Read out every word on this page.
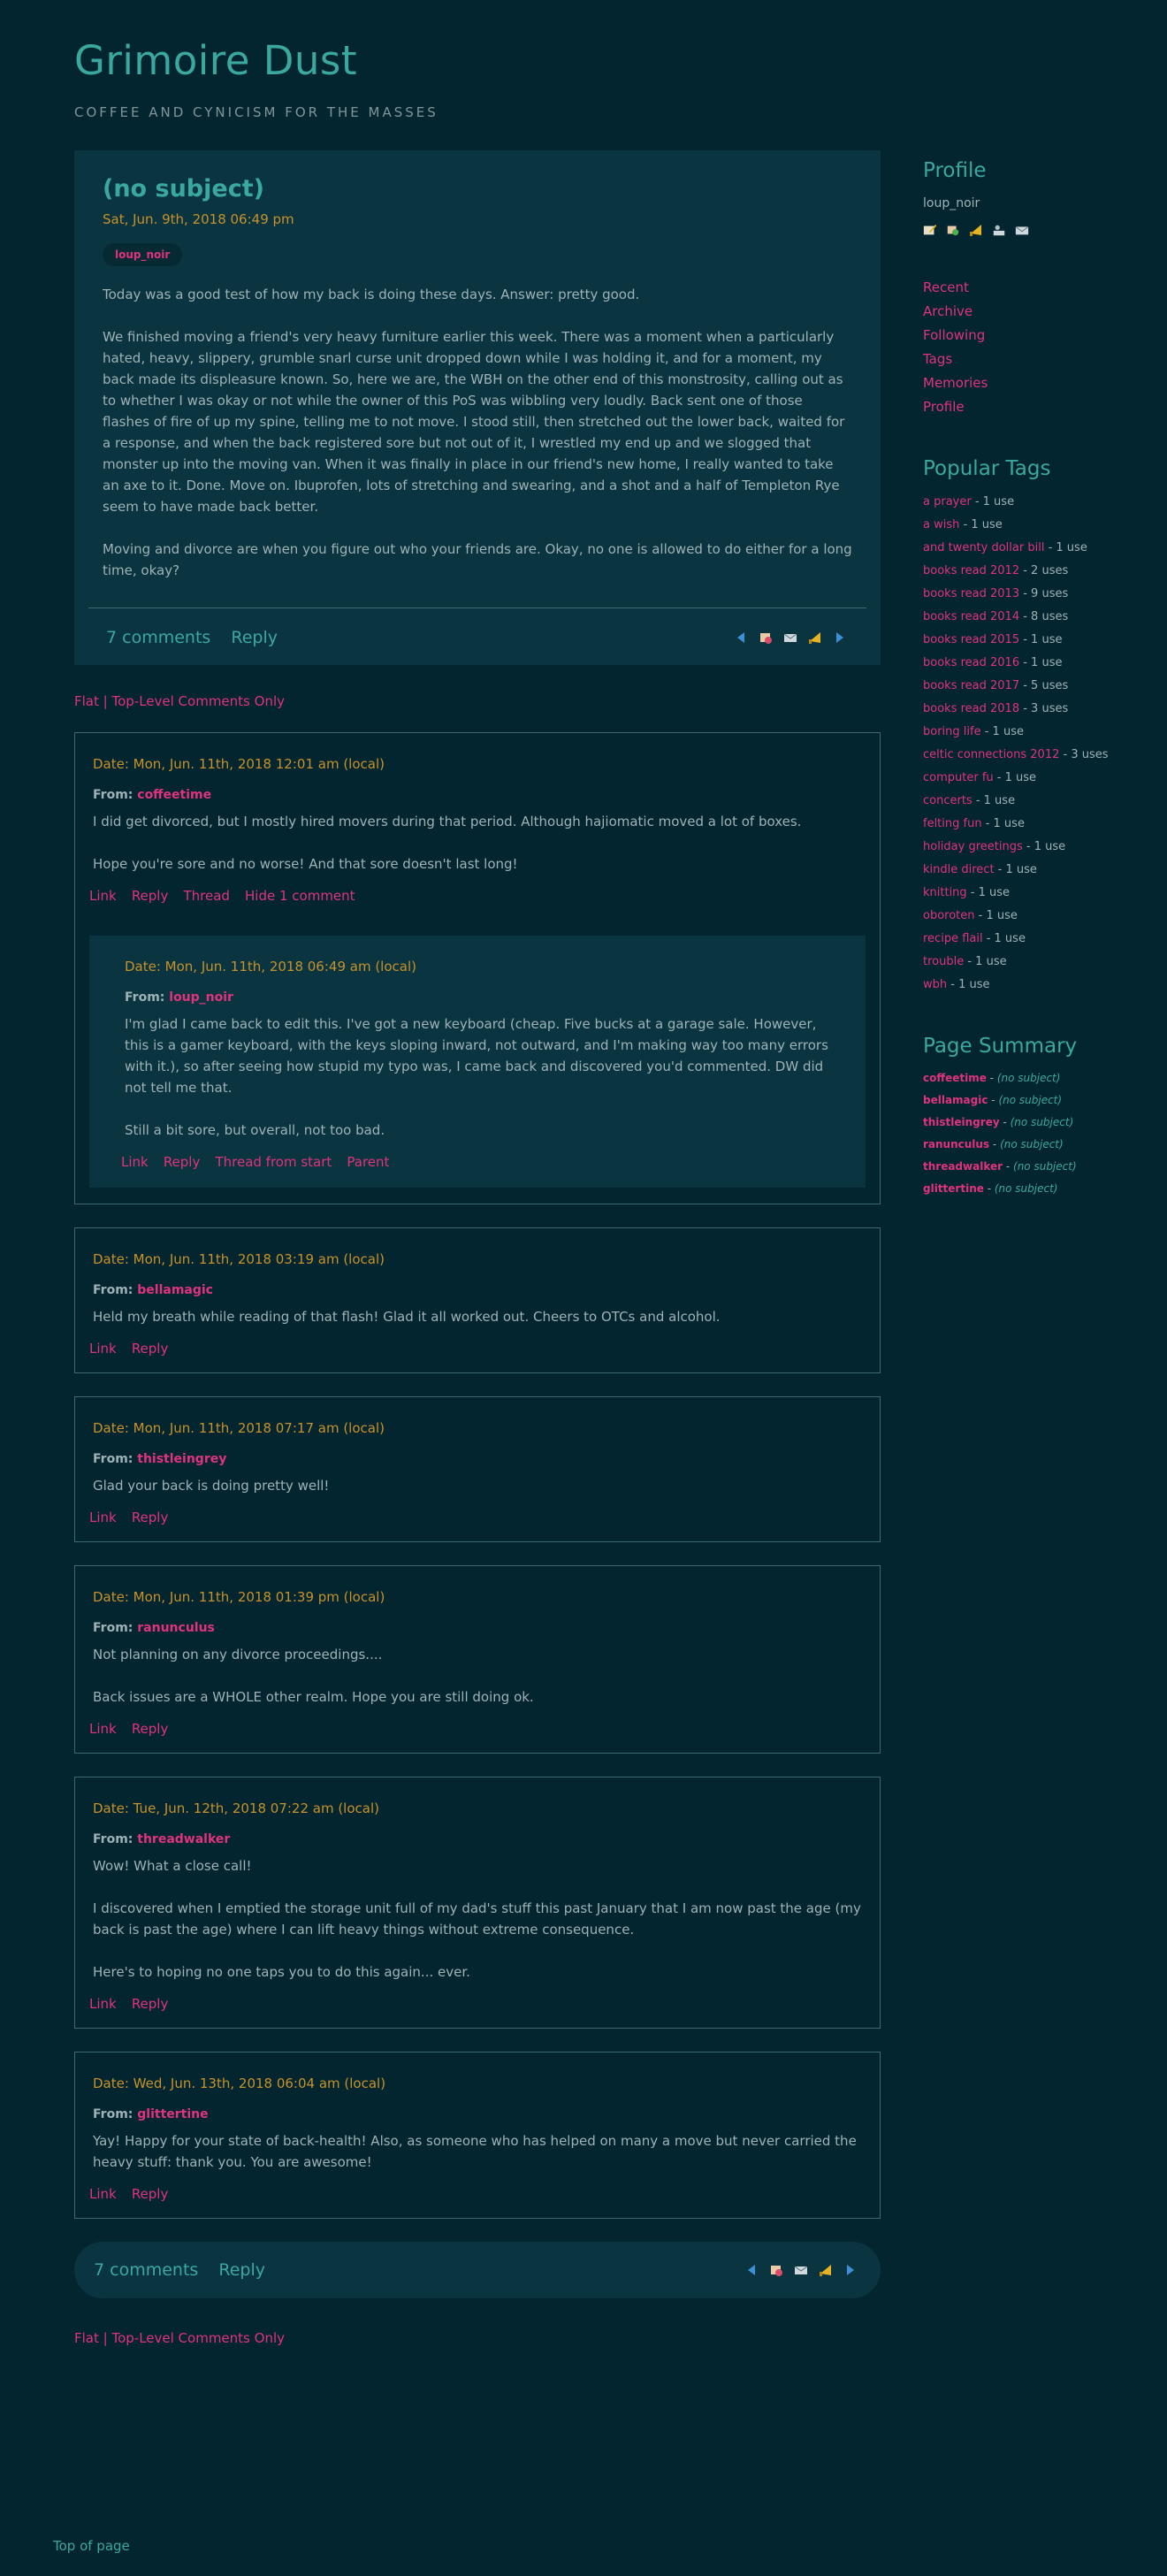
Grimoire Dust
COFFEE AND CYNICISM FOR THE MASSES
(no subject)
Sat, Jun. 9th, 2018 06:49 pm
loup_noir

Today was a good test of how my back is doing these days. Answer: pretty good.

We finished moving a friend's very heavy furniture earlier this week. There was a moment when a particularly hated, heavy, slippery, grumble snarl curse unit dropped down while I was holding it, and for a moment, my back made its displeasure known. So, here we are, the WBH on the other end of this monstrosity, calling out as to whether I was okay or not while the owner of this PoS was wibbling very loudly. Back sent one of those flashes of fire of up my spine, telling me to not move. I stood still, then stretched out the lower back, waited for a response, and when the back registered sore but not out of it, I wrestled my end up and we slogged that monster up into the moving van. When it was finally in place in our friend's new home, I really wanted to take an axe to it. Done. Move on. Ibuprofen, lots of stretching and swearing, and a shot and a half of Templeton Rye seem to have made back better.

Moving and divorce are when you figure out who your friends are. Okay, no one is allowed to do either for a long time, okay?

7 comments Reply
Flat | Top-Level Comments Only
Date: Mon, Jun. 11th, 2018 12:01 am (local)
From: coffeetime

I did get divorced, but I mostly hired movers during that period. Although hajiomatic moved a lot of boxes.

Hope you're sore and no worse! And that sore doesn't last long!

Link Reply Thread Hide 1 comment
Date: Mon, Jun. 11th, 2018 06:49 am (local)
From: loup_noir

I'm glad I came back to edit this. I've got a new keyboard (cheap. Five bucks at a garage sale. However, this is a gamer keyboard, with the keys sloping inward, not outward, and I'm making way too many errors with it.), so after seeing how stupid my typo was, I came back and discovered you'd commented. DW did not tell me that.

Still a bit sore, but overall, not too bad.

Link Reply Thread from start Parent
Date: Mon, Jun. 11th, 2018 03:19 am (local)
From: bellamagic

Held my breath while reading of that flash! Glad it all worked out. Cheers to OTCs and alcohol.

Link Reply
Date: Mon, Jun. 11th, 2018 07:17 am (local)
From: thistleingrey

Glad your back is doing pretty well!

Link Reply
Date: Mon, Jun. 11th, 2018 01:39 pm (local)
From: ranunculus

Not planning on any divorce proceedings....

Back issues are a WHOLE other realm. Hope you are still doing ok.

Link Reply
Date: Tue, Jun. 12th, 2018 07:22 am (local)
From: threadwalker

Wow! What a close call!

I discovered when I emptied the storage unit full of my dad's stuff this past January that I am now past the age (my back is past the age) where I can lift heavy things without extreme consequence.

Here's to hoping no one taps you to do this again... ever.

Link Reply
Date: Wed, Jun. 13th, 2018 06:04 am (local)
From: glittertine

Yay! Happy for your state of back-health! Also, as someone who has helped on many a move but never carried the heavy stuff: thank you. You are awesome!

Link Reply
7 comments Reply
Flat | Top-Level Comments Only
Profile
loup_noir
Recent
Archive
Following
Tags
Memories
Profile
Popular Tags
a prayer - 1 use
a wish - 1 use
and twenty dollar bill - 1 use
books read 2012 - 2 uses
books read 2013 - 9 uses
books read 2014 - 8 uses
books read 2015 - 1 use
books read 2016 - 1 use
books read 2017 - 5 uses
books read 2018 - 3 uses
boring life - 1 use
celtic connections 2012 - 3 uses
computer fu - 1 use
concerts - 1 use
felting fun - 1 use
holiday greetings - 1 use
kindle direct - 1 use
knitting - 1 use
oboroten - 1 use
recipe flail - 1 use
trouble - 1 use
wbh - 1 use
Page Summary
coffeetime - (no subject)
bellamagic - (no subject)
thistleingrey - (no subject)
ranunculus - (no subject)
threadwalker - (no subject)
glittertine - (no subject)
Top of page
